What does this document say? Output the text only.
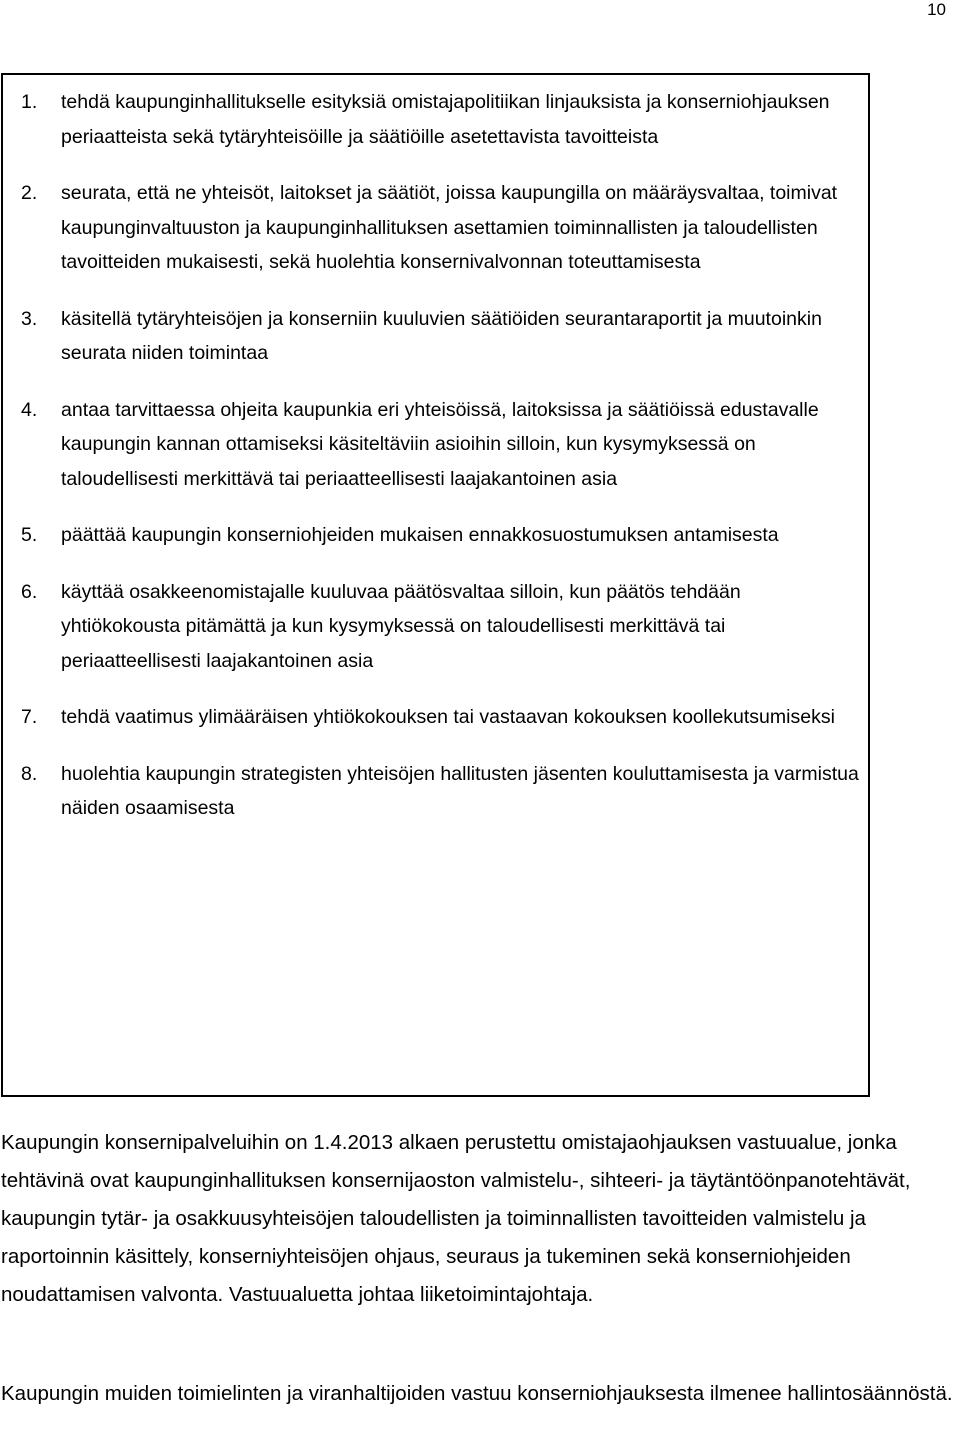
10
1.	tehdä kaupunginhallitukselle esityksiä omistajapolitiikan linjauksista ja konserniohjauksen periaatteista sekä tytäryhteisöille ja säätiöille asetettavista tavoitteista
2.	seurata, että ne yhteisöt, laitokset ja säätiöt, joissa kaupungilla on määräysvaltaa, toimivat kaupunginvaltuuston ja kaupunginhallituksen asettamien toiminnallisten ja taloudellisten tavoitteiden mukaisesti, sekä huolehtia konsernivalvonnan toteuttamisesta
3.	käsitellä tytäryhteisöjen ja konserniin kuuluvien säätiöiden seurantaraportit ja muutoinkin seurata niiden toimintaa
4.	antaa tarvittaessa ohjeita kaupunkia eri yhteisöissä, laitoksissa ja säätiöissä edustavalle kaupungin kannan ottamiseksi käsiteltäviin asioihin silloin, kun kysymyksessä on taloudellisesti merkittävä tai periaatteellisesti laajakantoinen asia
5.	päättää kaupungin konserniohjeiden mukaisen ennakkosuostumuksen antamisesta
6.	käyttää osakkeenomistajalle kuuluvaa päätösvaltaa silloin, kun päätös tehdään yhtiökokousta pitämättä ja kun kysymyksessä on taloudellisesti merkittävä tai periaatteellisesti laajakantoinen asia
7.	tehdä vaatimus ylimääräisen yhtiökokouksen tai vastaavan kokouksen koollekutsumiseksi
8.	huolehtia kaupungin strategisten yhteisöjen hallitusten jäsenten kouluttamisesta ja varmistua näiden osaamisesta

Kaupungin konsernipalveluihin on 1.4.2013 alkaen perustettu omistajaohjauksen vastuualue, jonka tehtävinä ovat kaupunginhallituksen konsernijaoston valmistelu-, sihteeri- ja täytäntöönpanotehtävät, kaupungin tytär- ja osakkuusyhteisöjen taloudellisten ja toiminnallisten tavoitteiden valmistelu ja raportoinnin käsittely, konserniyhteisöjen ohjaus, seuraus ja tukeminen sekä konserniohjeiden noudattamisen valvonta. Vastuualuetta johtaa liiketoimintajohtaja.

Kaupungin muiden toimielinten ja viranhaltijoiden vastuu konserniohjauksesta ilmenee hallintosäännöstä.
